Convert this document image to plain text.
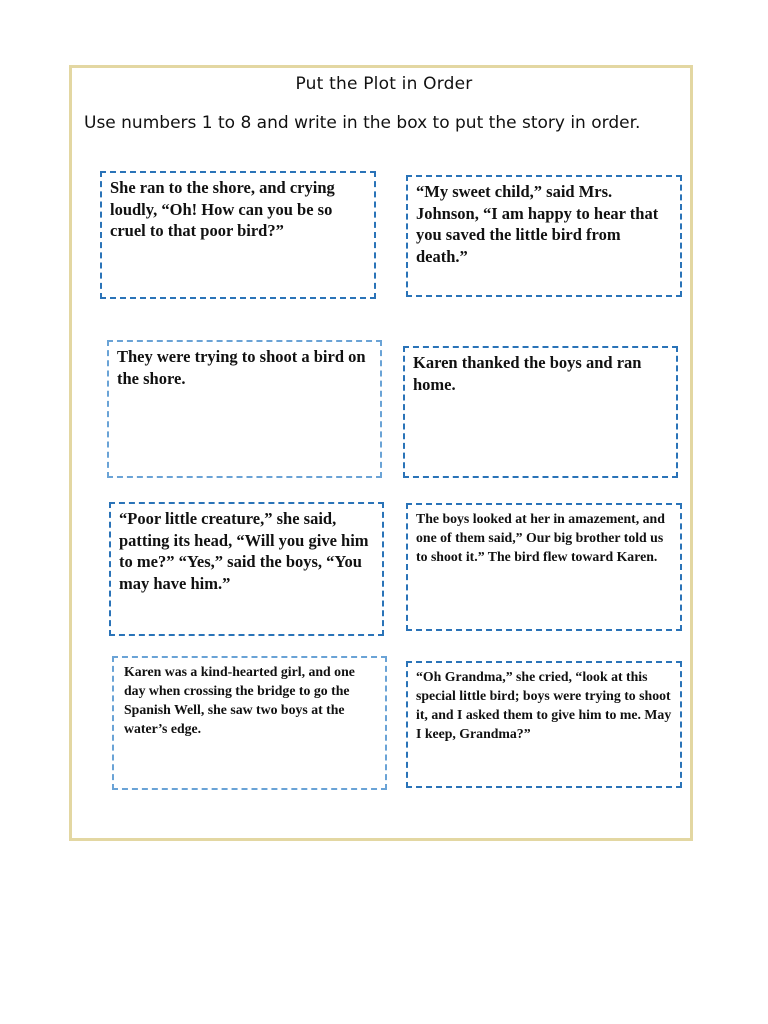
Put the Plot in Order
Use numbers 1 to 8 and write in the box to put the story in order.
She ran to the shore, and crying loudly, “Oh! How can you be so cruel to that poor bird?”
“My sweet child,” said Mrs. Johnson, “I am happy to hear that you saved the little bird from death.”
They were trying to shoot a bird on the shore.
Karen thanked the boys and ran home.
“Poor little creature,” she said, patting its head, “Will you give him to me?” “Yes,” said the boys, “You may have him.”
The boys looked at her in amazement, and one of them said,” Our big brother told us to shoot it.” The bird flew toward Karen.
Karen was a kind-hearted girl, and one day when crossing the bridge to go the Spanish Well, she saw two boys at the water’s edge.
“Oh Grandma,” she cried, “look at this special little bird; boys were trying to shoot it, and I asked them to give him to me. May I keep, Grandma?”
